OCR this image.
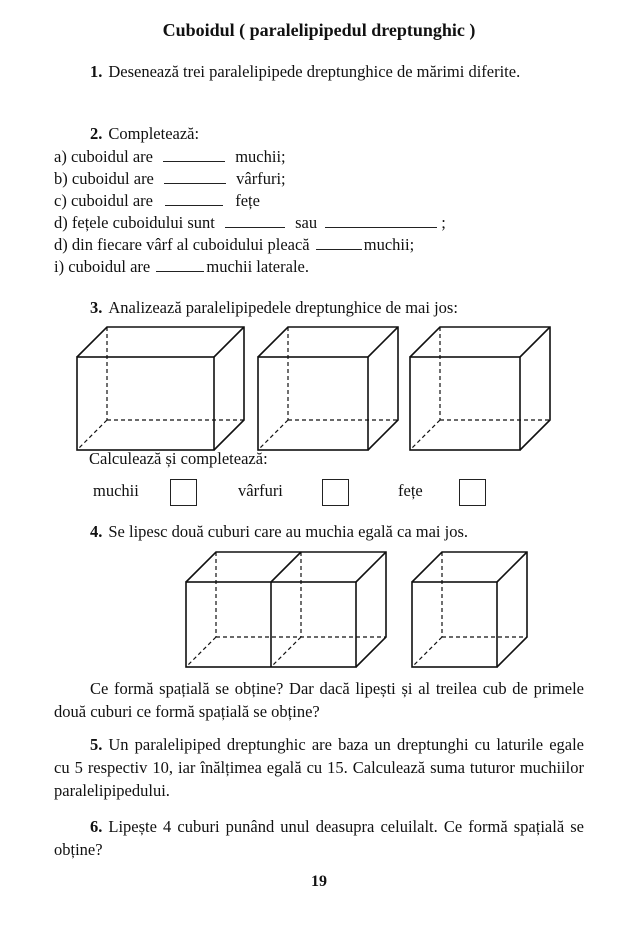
Cuboidul ( paralelipipedul dreptunghic )
1. Desenează trei paralelipipede dreptunghice de mărimi diferite.
2. Completează:
a) cuboidul are	muchii;
b) cuboidul are	vârfuri;
c) cuboidul are	fețe
d) fețele cuboidului sunt	sau	;
d) din fiecare vârf al cuboidului pleacă	muchii;
i) cuboidul are	muchii laterale.
3. Analizează paralelipipedele dreptunghice de mai jos:
Calculează și completează:
muchii	vârfuri	fețe
4. Se lipesc două cuburi care au muchia egală ca mai jos.
Ce formă spațială se obține? Dar dacă lipești și al treilea cub de primele două cuburi ce formă spațială se obține?
5. Un paralelipiped dreptunghic are baza un dreptunghi cu laturile egale cu 5 respectiv 10, iar înălțimea egală cu 15. Calculează suma tuturor muchiilor paralelipipedului.
6. Lipește 4 cuburi punând unul deasupra celuilalt. Ce formă spațială se obține?
19
